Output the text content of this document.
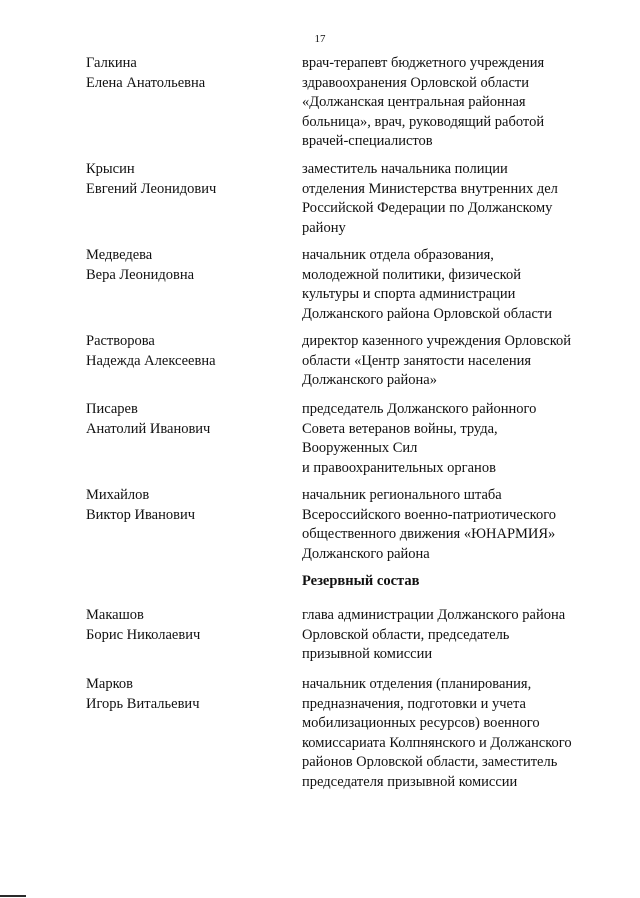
17
Галкина
Елена Анатольевна
врач-терапевт бюджетного учреждения
здравоохранения Орловской области
«Должанская центральная районная
больница», врач, руководящий работой
врачей-специалистов
Крысин
Евгений Леонидович
заместитель начальника полиции
отделения Министерства внутренних дел
Российской Федерации по Должанскому
району
Медведева
Вера Леонидовна
начальник отдела образования,
молодежной политики, физической
культуры и спорта администрации
Должанского района Орловской области
Растворова
Надежда Алексеевна
директор казенного учреждения Орловской
области «Центр занятости населения
Должанского района»
Писарев
Анатолий Иванович
председатель Должанского районного
Совета ветеранов войны, труда,
Вооруженных Сил
и правоохранительных органов
Михайлов
Виктор Иванович
начальник регионального штаба
Всероссийского военно-патриотического
общественного движения «ЮНАРМИЯ»
Должанского района
Резервный состав
Макашов
Борис Николаевич
глава администрации Должанского района
Орловской области, председатель
призывной комиссии
Марков
Игорь Витальевич
начальник отделения (планирования,
предназначения, подготовки и учета
мобилизационных ресурсов) военного
комиссариата Колпнянского и Должанского
районов Орловской области, заместитель
председателя призывной комиссии
